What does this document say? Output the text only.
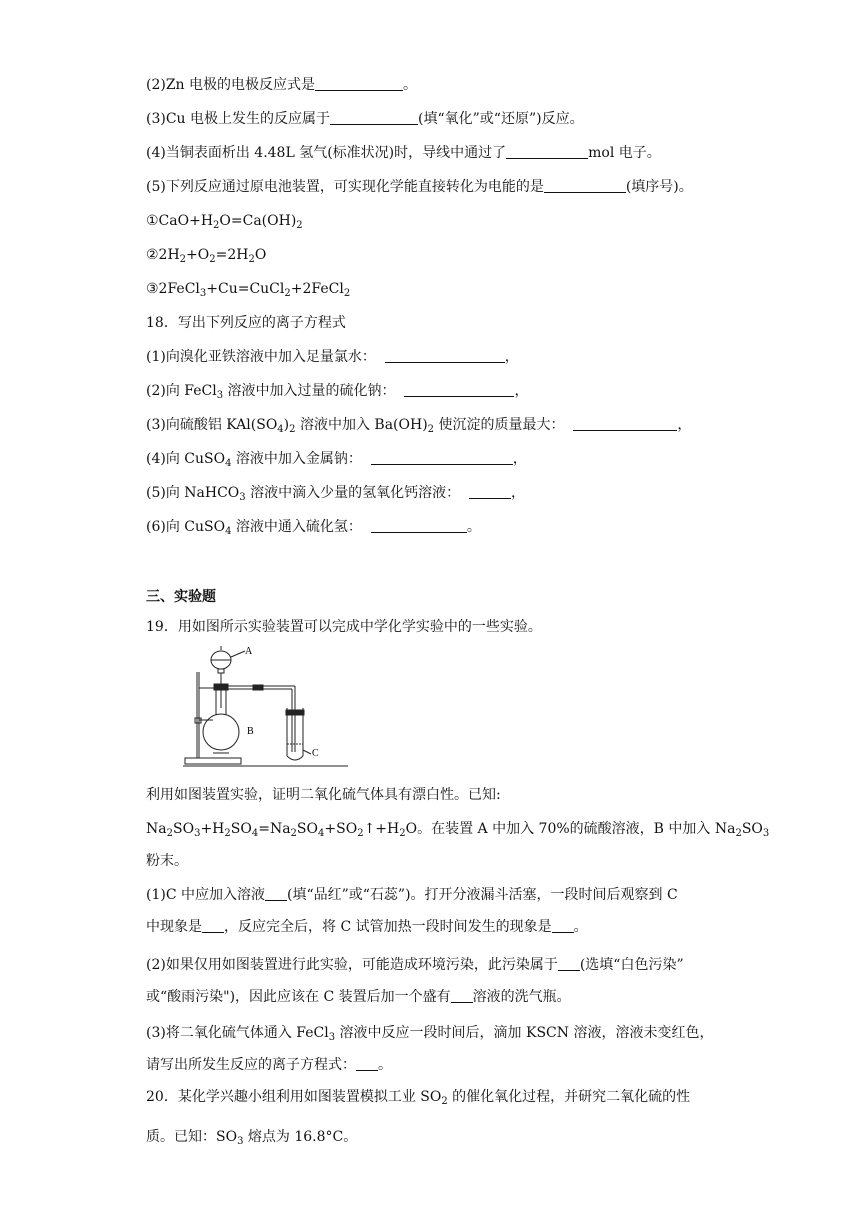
(2)Zn 电极的电极反应式是	。
(3)Cu 电极上发生的反应属于	(填“氧化”或“还原”)反应。
(4)当铜表面析出 4.48L 氢气(标准状况)时，导线中通过了	mol 电子。
(5)下列反应通过原电池装置，可实现化学能直接转化为电能的是	(填序号)。
$①CaO+H_2O=Ca(OH)_2$
$②2H_2+O_2=2H_2O$
③2FeCl$_3$+Cu=CuCl$_2$+2FeCl$_2$
18．写出下列反应的离子方程式
(1)向溴化亚铁溶液中加入足量氯水：	，
(2)向 FeCl$_3$ 溶液中加入过量的硫化钠：	，
(3)向硫酸铝 $KAl(SO_4)_2$ 溶液中加入 $Ba(OH)_2$ 使沉淀的质量最大：	，
(4)向 CuSO$_4$ 溶液中加入金属钠：	，
(5)向 NaHCO$_3$ 溶液中滴入少量的氢氧化钙溶液：	，
(6)向 CuSO$_4$ 溶液中通入硫化氢：	。
三、实验题
19．用如图所示实验装置可以完成中学化学实验中的一些实验。
A
B
C
利用如图装置实验，证明二氧化硫气体具有漂白性。已知:
$Na_2SO_3+H_2SO_4=Na_2SO_4+SO_2↑+H_2O$。在装置 A 中加入 70%的硫酸溶液，B 中加入 $Na_2SO_3$
粉末。
(1)C 中应加入溶液 (填“品红”或“石蕊”)。打开分液漏斗活塞，一段时间后观察到 C
中现象是 ，反应完全后，将 C 试管加热一段时间发生的现象是 。
(2)如果仅用如图装置进行此实验，可能造成环境污染，此污染属于 (选填“白色污染”
或“酸雨污染")，因此应该在 C 装置后加一个盛有 溶液的洗气瓶。
(3)将二氧化硫气体通入 FeCl$_3$ 溶液中反应一段时间后，滴加 KSCN 溶液，溶液未变红色，
请写出所发生反应的离子方程式： 。
20．某化学兴趣小组利用如图装置模拟工业 $SO_2$ 的催化氧化过程，并研究二氧化硫的性
质。已知：$SO_3$ 熔点为 16.8°C。
